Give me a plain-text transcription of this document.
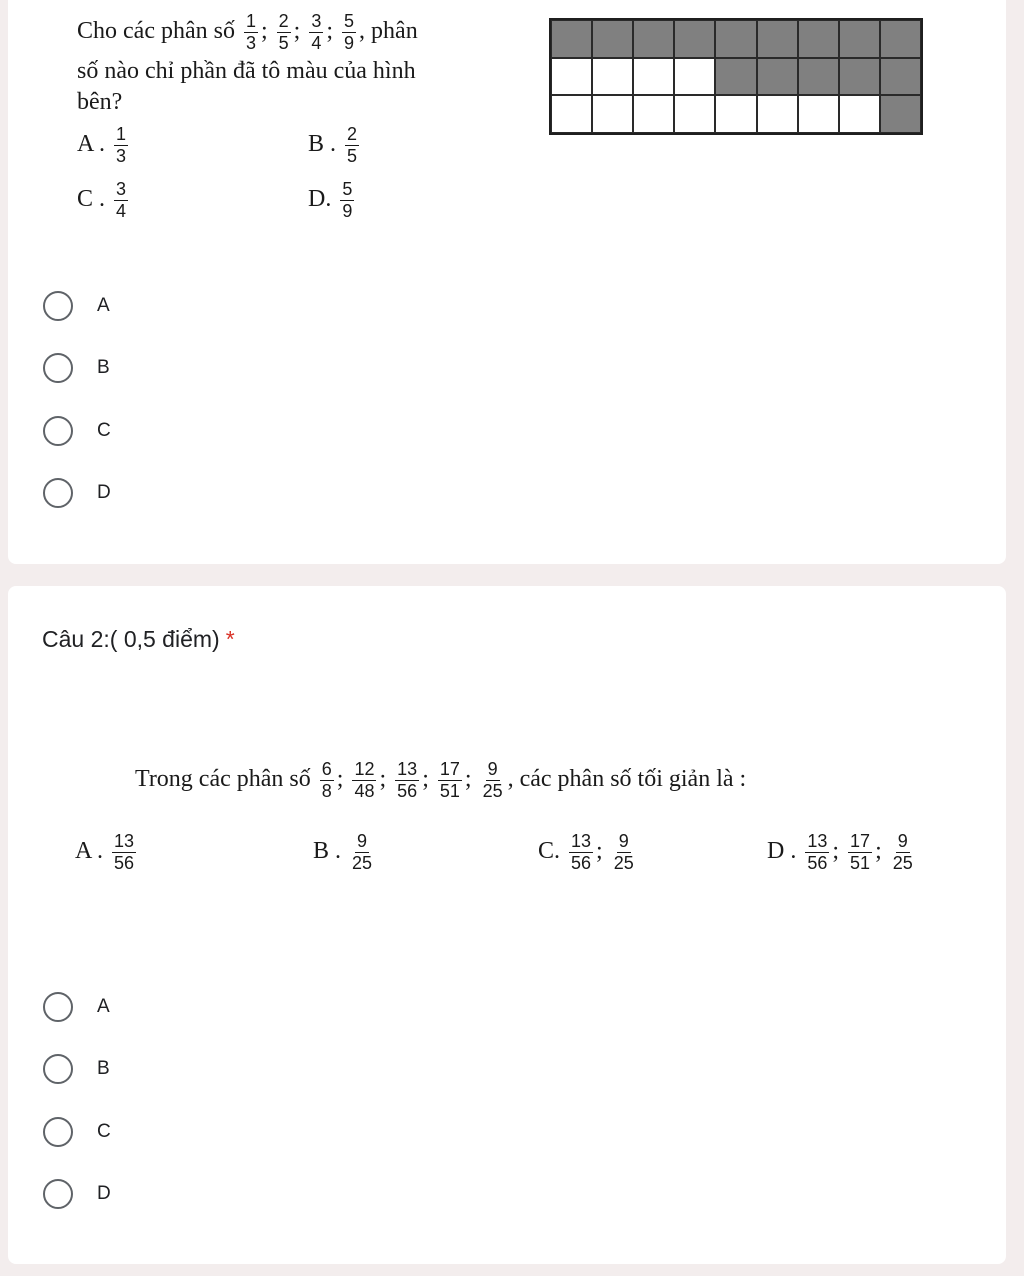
Cho các phân số $\frac{1}{3}$ ; $\frac{2}{5}$ ; $\frac{3}{4}$ ; $\frac{5}{9}$ , phân
số nào chỉ phần đã tô màu của hình
bên?
A . $\frac{1}{3}$	B . $\frac{2}{5}$
C . $\frac{3}{4}$	D. $\frac{5}{9}$
A
B
C
D
Câu 2:( 0,5 điểm) *
Trong các phân số $\frac{6}{8}$ ; $\frac{12}{48}$ ; $\frac{13}{56}$ ; $\frac{17}{51}$ ; $\frac{9}{25}$ , các phân số tối giản là :
A . $\frac{13}{56}$	B . $\frac{9}{25}$	C. $\frac{13}{56}$ ; $\frac{9}{25}$	D . $\frac{13}{56}$ ; $\frac{17}{51}$ ; $\frac{9}{25}$
A
B
C
D
